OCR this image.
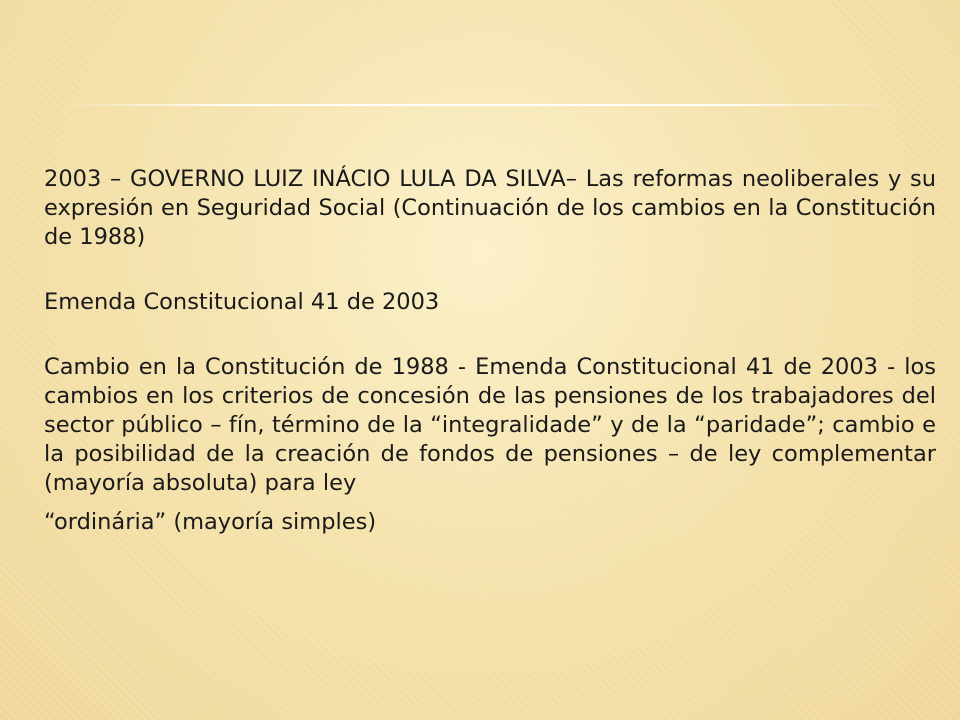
2003 – GOVERNO LUIZ INÁCIO LULA DA SILVA– Las reformas neoliberales y su expresión en Seguridad Social (Continuación de los cambios en la Constitución de 1988)

Emenda Constitucional 41 de 2003

Cambio en la Constitución de 1988 - Emenda Constitucional 41 de 2003 - los cambios en los criterios de concesión de las pensiones de los trabajadores del sector público – fín, término de la “integralidade” y de la “paridade”; cambio e la posibilidad de la creación de fondos de pensiones – de ley complementar (mayoría absoluta) para ley

“ordinária” (mayoría simples)
